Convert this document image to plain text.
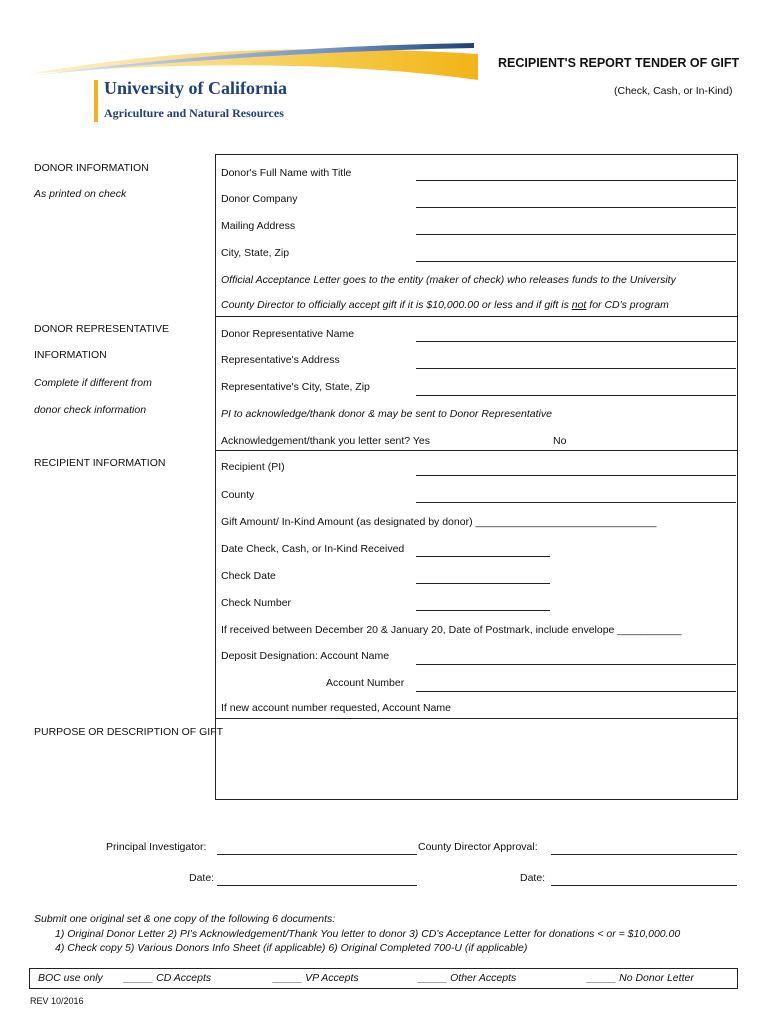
University of California
Agriculture and Natural Resources
RECIPIENT'S REPORT TENDER OF GIFT
(Check, Cash, or In-Kind)
DONOR INFORMATION
As printed on check
DONOR REPRESENTATIVE
INFORMATION
Complete if different from
donor check information
RECIPIENT INFORMATION
PURPOSE OR DESCRIPTION OF GIFT
Donor's Full Name with Title
Donor Company
Mailing Address
City, State, Zip
Official Acceptance Letter goes to the entity (maker of check) who releases funds to the University
County Director to officially accept gift if it is $10,000.00 or less and if gift is not for CD's program
Donor Representative Name
Representative's Address
Representative's City, State, Zip
PI to acknowledge/thank donor & may be sent to Donor Representative
Acknowledgement/thank you letter sent? Yes	No
Recipient (PI)
County
Gift Amount/ In-Kind Amount (as designated by donor) _______________________________
Date Check, Cash, or In-Kind Received
Check Date
Check Number
If received between December 20 & January 20, Date of Postmark, include envelope ___________
Deposit Designation: Account Name
Account Number
If new account number requested, Account Name
Principal Investigator:	County Director Approval:
Date:	Date:
Submit one original set & one copy of the following 6 documents:
1) Original Donor Letter 2) PI's Acknowledgement/Thank You letter to donor 3) CD's Acceptance Letter for donations < or = $10,000.00
4) Check copy 5) Various Donors Info Sheet (if applicable) 6) Original Completed 700-U (if applicable)
BOC use only _____ CD Accepts	_____ VP Accepts	_____ Other Accepts	_____ No Donor Letter
REV 10/2016
